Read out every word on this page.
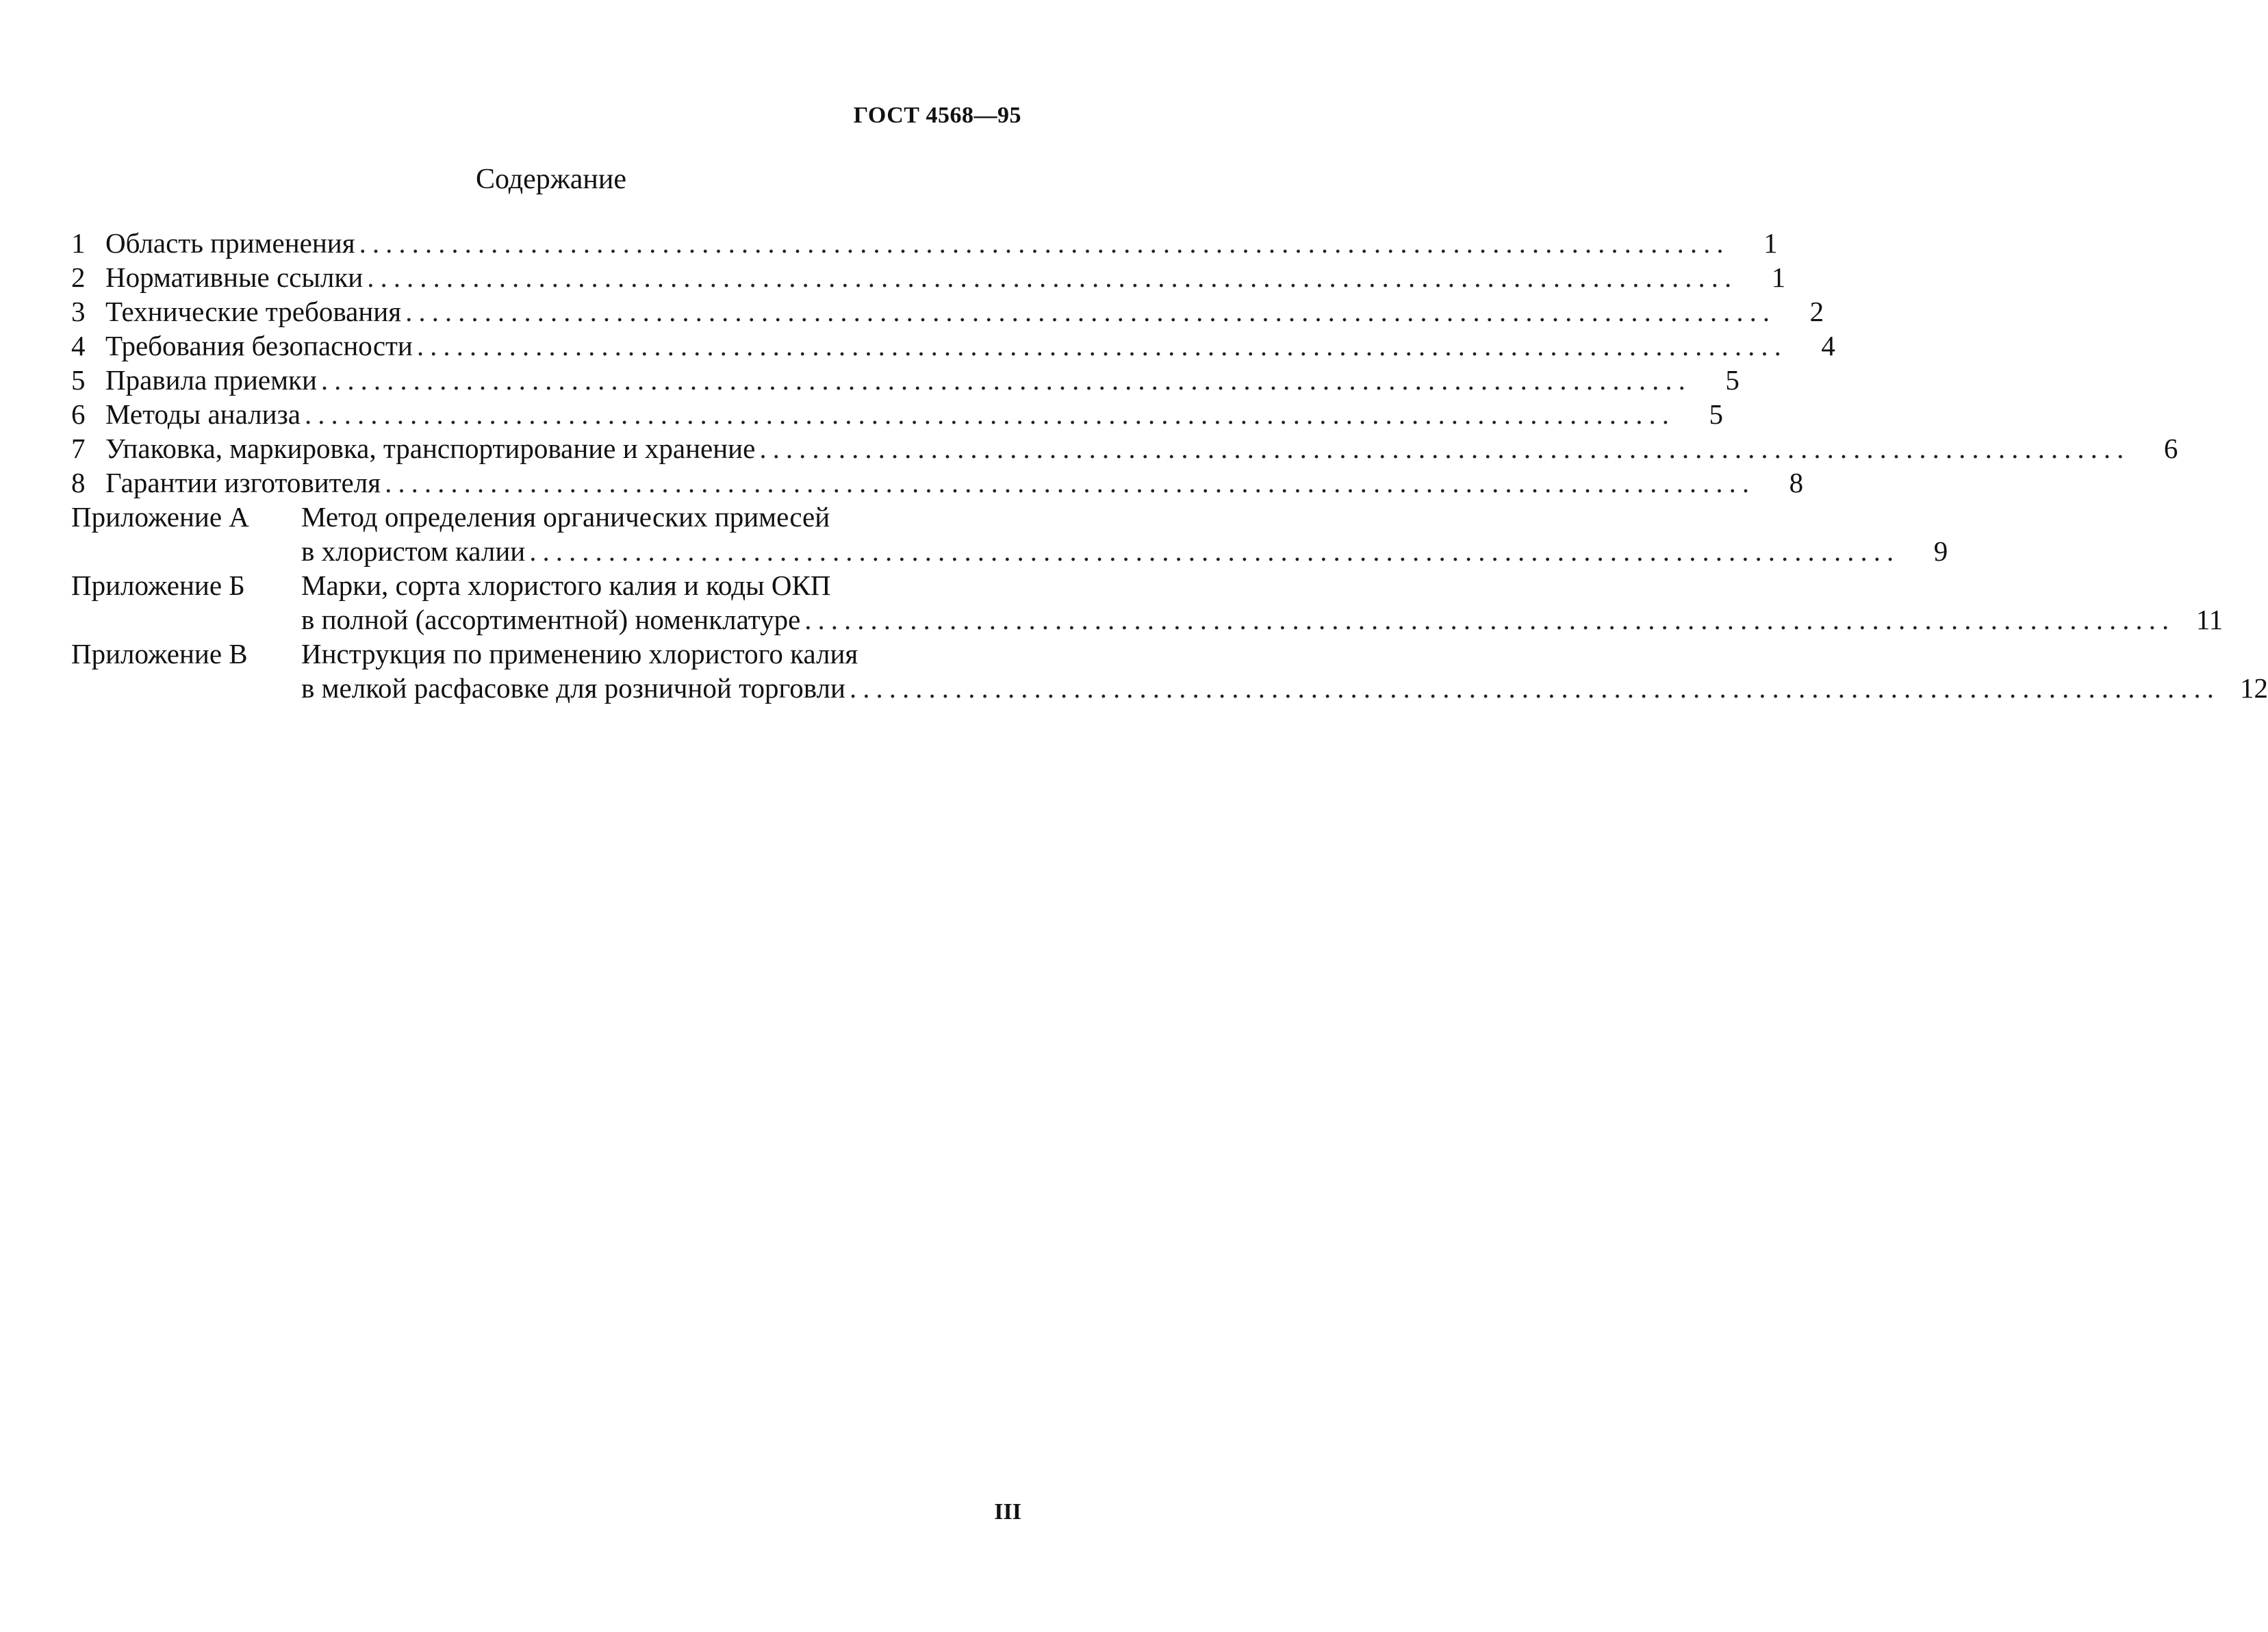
ГОСТ 4568—95
Содержание
1 Область применения ........................................................................................................	1
2 Нормативные ссылки ........................................................................................................	1
3 Технические требования ........................................................................................................	2
4 Требования безопасности ........................................................................................................	4
5 Правила приемки ........................................................................................................	5
6 Методы анализа ........................................................................................................	5
7 Упаковка, маркировка, транспортирование и хранение ........................................................................................................	6
8 Гарантии изготовителя ........................................................................................................	8
Приложение А	Метод определения органических примесей
в хлористом калии ........................................................................................................	9
Приложение Б	Марки, сорта хлористого калия и коды ОКП
в полной (ассортиментной) номенклатуре ........................................................................................................ 11
Приложение В	Инструкция по применению хлористого калия
в мелкой расфасовке для розничной торговли ........................................................................................................ 12
III
